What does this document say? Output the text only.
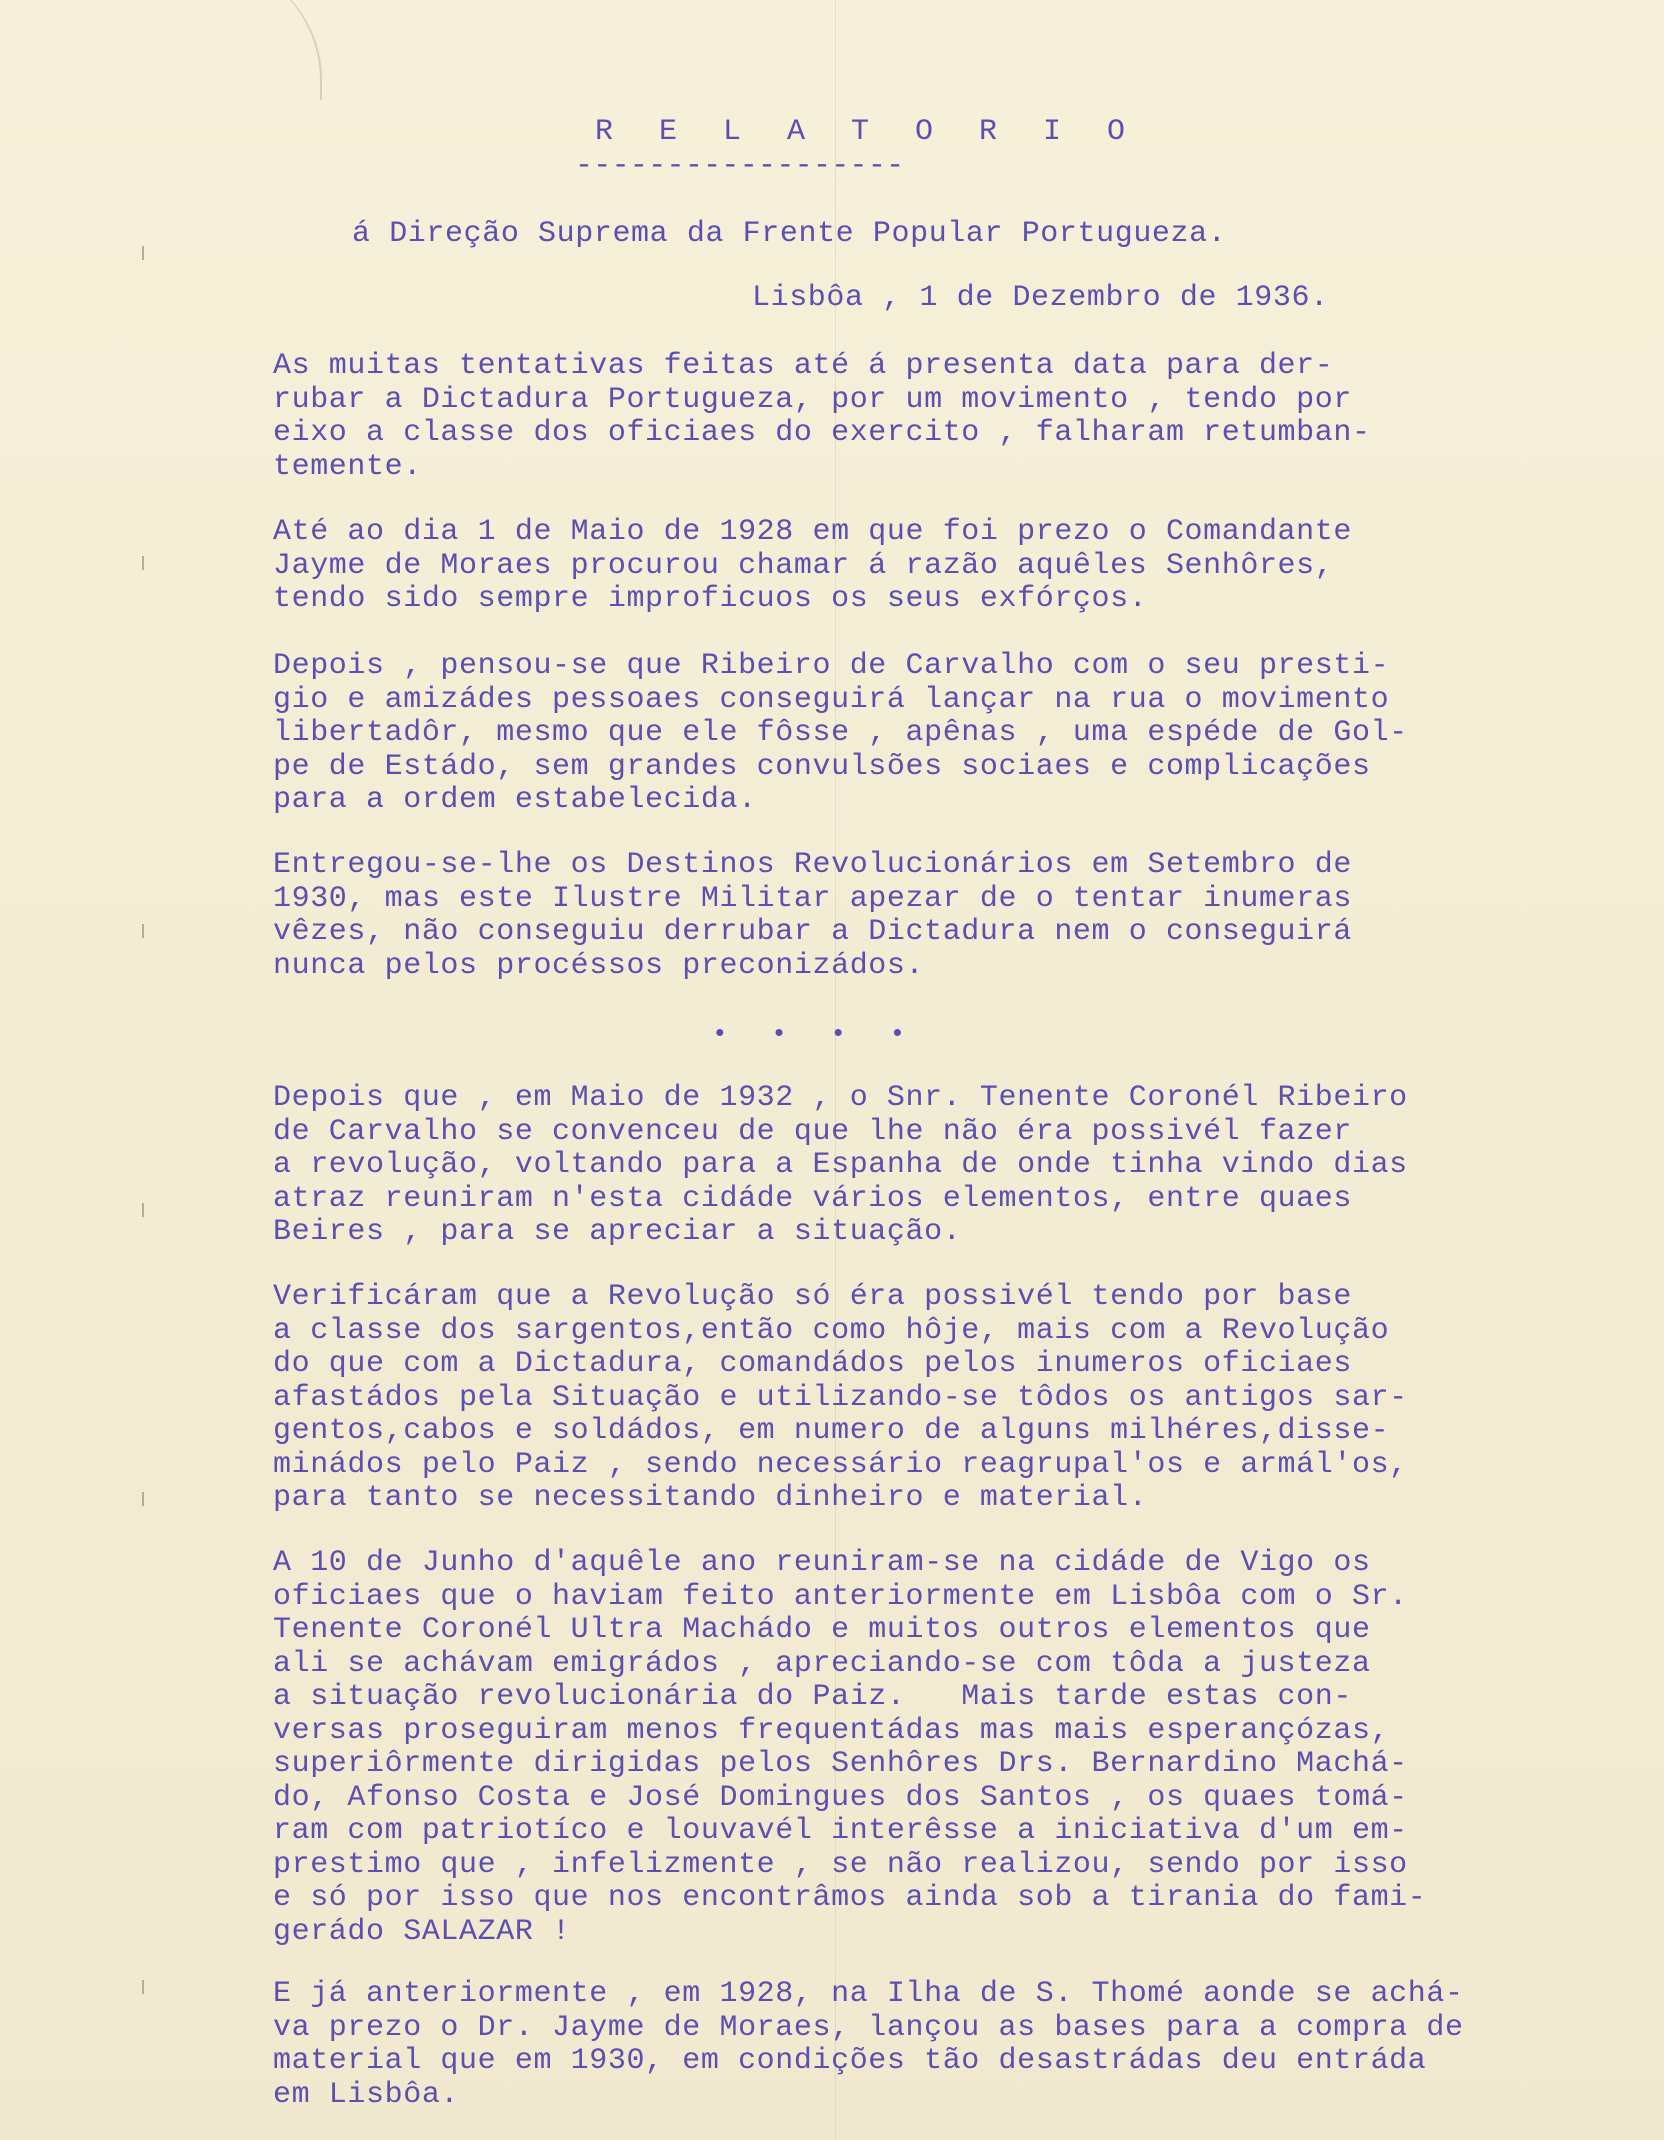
R E L A T O R I O
------------------
á Direção Suprema da Frente Popular Portugueza.
Lisbôa , 1 de Dezembro de 1936.
As muitas tentativas feitas até á presenta data para der-
rubar a Dictadura Portugueza, por um movimento , tendo por
eixo a classe dos oficiaes do exercito , falharam retumban-
temente.
Até ao dia 1 de Maio de 1928 em que foi prezo o Comandante
Jayme de Moraes procurou chamar á razão aquêles Senhôres,
tendo sido sempre improficuos os seus exfórços.
Depois , pensou-se que Ribeiro de Carvalho com o seu presti-
gio e amizádes pessoaes conseguirá lançar na rua o movimento
libertadôr, mesmo que ele fôsse , apênas , uma espéde de Gol-
pe de Estádo, sem grandes convulsões sociaes e complicações
para a ordem estabelecida.
Entregou-se-lhe os Destinos Revolucionários em Setembro de
1930, mas este Ilustre Militar apezar de o tentar inumeras
vêzes, não conseguiu derrubar a Dictadura nem o conseguirá
nunca pelos procéssos preconizádos.
• • • •
Depois que , em Maio de 1932 , o Snr. Tenente Coronél Ribeiro
de Carvalho se convenceu de que lhe não éra possivél fazer
a revolução, voltando para a Espanha de onde tinha vindo dias
atraz reuniram n'esta cidáde vários elementos, entre quaes
Beires , para se apreciar a situação.
Verificáram que a Revolução só éra possivél tendo por base
a classe dos sargentos,então como hôje, mais com a Revolução
do que com a Dictadura, comandádos pelos inumeros oficiaes
afastádos pela Situação e utilizando-se tôdos os antigos sar-
gentos,cabos e soldádos, em numero de alguns milhéres,disse-
minádos pelo Paiz , sendo necessário reagrupal'os e armál'os,
para tanto se necessitando dinheiro e material.
A 10 de Junho d'aquêle ano reuniram-se na cidáde de Vigo os
oficiaes que o haviam feito anteriormente em Lisbôa com o Sr.
Tenente Coronél Ultra Machádo e muitos outros elementos que
ali se achávam emigrádos , apreciando-se com tôda a justeza
a situação revolucionária do Paiz.   Mais tarde estas con-
versas proseguiram menos frequentádas mas mais esperançózas,
superiôrmente dirigidas pelos Senhôres Drs. Bernardino Machá-
do, Afonso Costa e José Domingues dos Santos , os quaes tomá-
ram com patriotíco e louvavél interêsse a iniciativa d'um em-
prestimo que , infelizmente , se não realizou, sendo por isso
e só por isso que nos encontrâmos ainda sob a tirania do fami-
gerádo SALAZAR !
E já anteriormente , em 1928, na Ilha de S. Thomé aonde se achá-
va prezo o Dr. Jayme de Moraes, lançou as bases para a compra de
material que em 1930, em condições tão desastrádas deu entráda
em Lisbôa.
